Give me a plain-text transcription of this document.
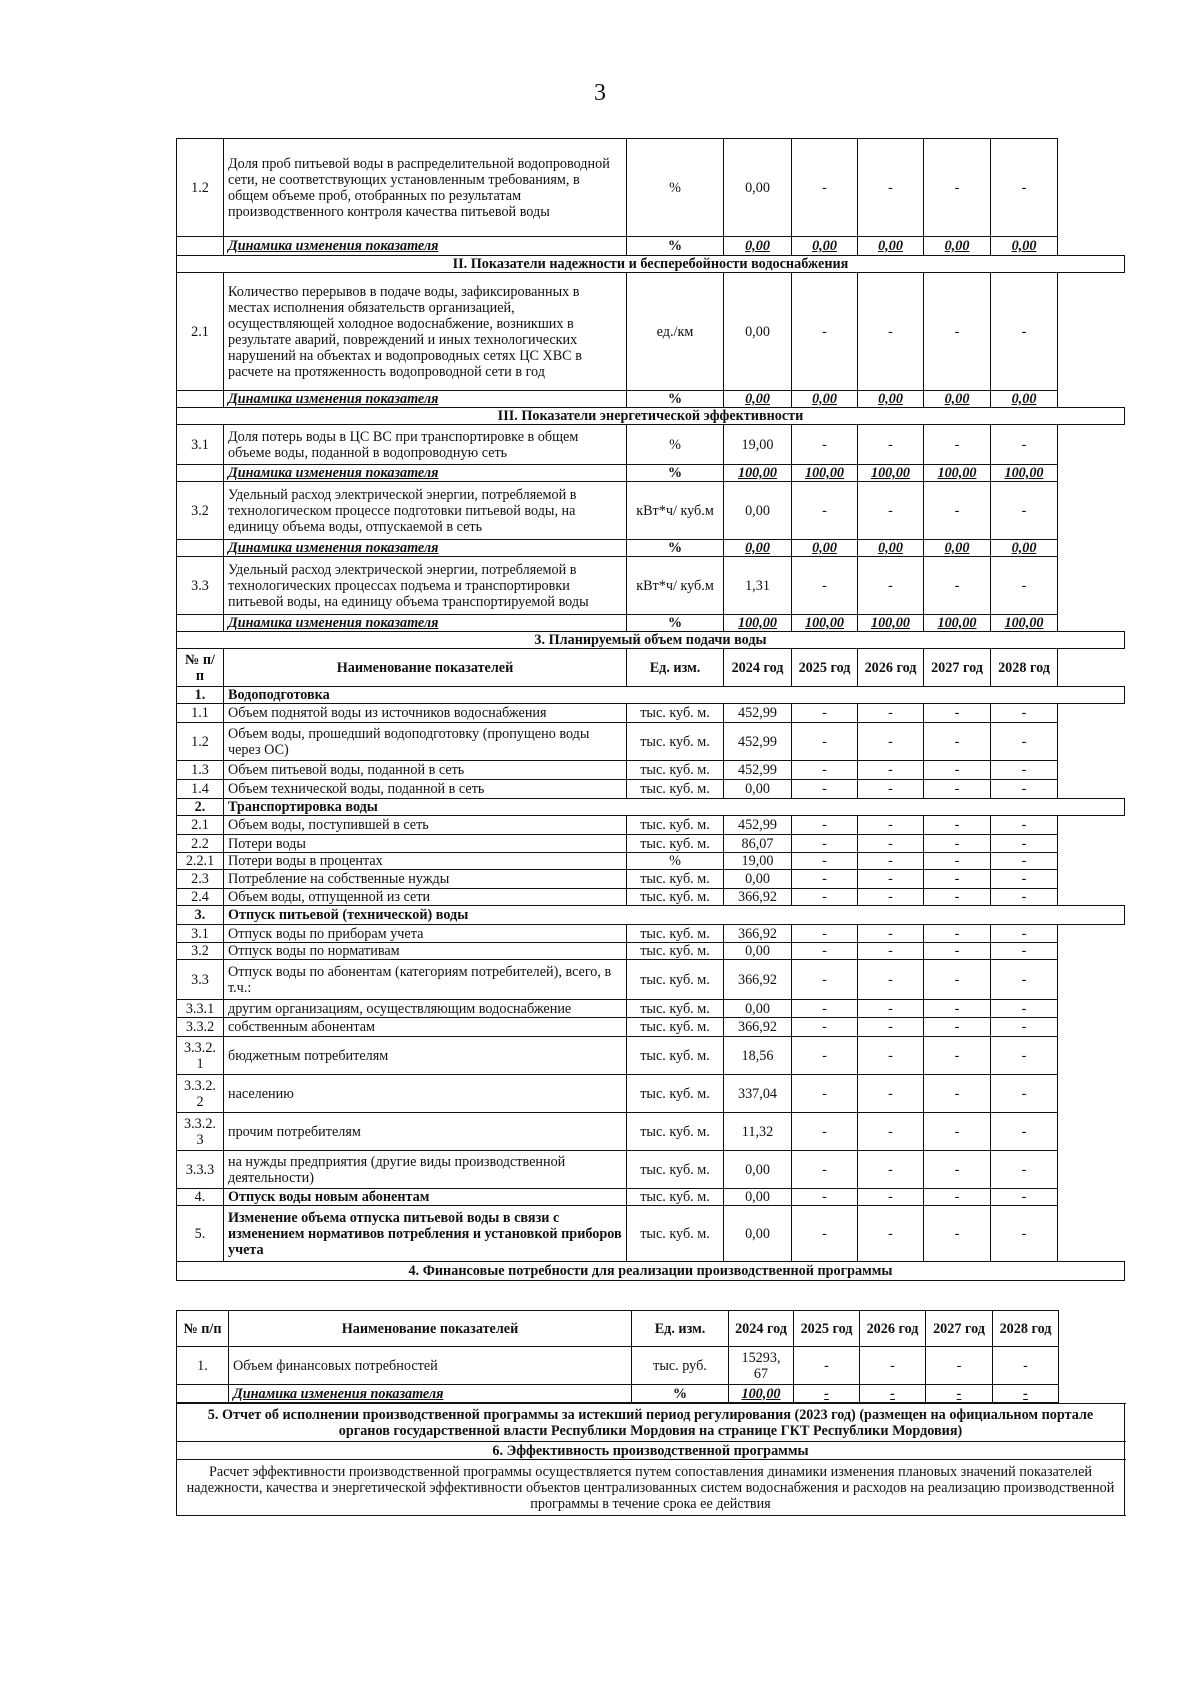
3
1.2	Доля проб питьевой воды в распределительной водопроводной сети, не соответствующих установленным требованиям, в общем объеме проб, отобранных по результатам производственного контроля качества питьевой воды	%	0,00	-	-	-	-
	Динамика изменения показателя	%	0,00	0,00	0,00	0,00	0,00
II. Показатели надежности и бесперебойности водоснабжения							
2.1	Количество перерывов в подаче воды, зафиксированных в местах исполнения обязательств организацией, осуществляющей холодное водоснабжение, возникших в результате аварий, повреждений и иных технологических нарушений на объектах и водопроводных сетях ЦС ХВС в расчете на протяженность водопроводной сети в год	ед./км	0,00	-	-	-	-
	Динамика изменения показателя	%	0,00	0,00	0,00	0,00	0,00
III. Показатели энергетической эффективности							
3.1	Доля потерь воды в ЦС ВС при транспортировке в общем объеме воды, поданной в водопроводную сеть	%	19,00	-	-	-	-
	Динамика изменения показателя	%	100,00	100,00	100,00	100,00	100,00
3.2	Удельный расход электрической энергии, потребляемой в технологическом процессе подготовки питьевой воды, на единицу объема воды, отпускаемой в сеть	кВт*ч/ куб.м	0,00	-	-	-	-
	Динамика изменения показателя	%	0,00	0,00	0,00	0,00	0,00
3.3	Удельный расход электрической энергии, потребляемой в технологических процессах подъема и транспортировки питьевой воды, на единицу объема транспортируемой воды	кВт*ч/ куб.м	1,31	-	-	-	-
	Динамика изменения показателя	%	100,00	100,00	100,00	100,00	100,00
3. Планируемый объем подачи воды							
№ п/п	Наименование показателей	Ед. изм.	2024 год	2025 год	2026 год	2027 год	2028 год
1.	Водоподготовка						
1.1	Объем поднятой воды из источников водоснабжения	тыс. куб. м.	452,99	-	-	-	-
1.2	Объем воды, прошедший водоподготовку (пропущено воды через ОС)	тыс. куб. м.	452,99	-	-	-	-
1.3	Объем питьевой воды, поданной в сеть	тыс. куб. м.	452,99	-	-	-	-
1.4	Объем технической воды, поданной в сеть	тыс. куб. м.	0,00	-	-	-	-
2.	Транспортировка воды						
2.1	Объем воды, поступившей в сеть	тыс. куб. м.	452,99	-	-	-	-
2.2	Потери воды	тыс. куб. м.	86,07	-	-	-	-
2.2.1	Потери воды в процентах	%	19,00	-	-	-	-
2.3	Потребление на собственные нужды	тыс. куб. м.	0,00	-	-	-	-
2.4	Объем воды, отпущенной из сети	тыс. куб. м.	366,92	-	-	-	-
3.	Отпуск питьевой (технической) воды						
3.1	Отпуск воды по приборам учета	тыс. куб. м.	366,92	-	-	-	-
3.2	Отпуск воды по нормативам	тыс. куб. м.	0,00	-	-	-	-
3.3	Отпуск воды по абонентам (категориям потребителей), всего, в т.ч.:	тыс. куб. м.	366,92	-	-	-	-
3.3.1	другим организациям, осуществляющим водоснабжение	тыс. куб. м.	0,00	-	-	-	-
3.3.2	собственным абонентам	тыс. куб. м.	366,92	-	-	-	-
3.3.2. 1	бюджетным потребителям	тыс. куб. м.	18,56	-	-	-	-
3.3.2. 2	населению	тыс. куб. м.	337,04	-	-	-	-
3.3.2. 3	прочим потребителям	тыс. куб. м.	11,32	-	-	-	-
3.3.3	на нужды предприятия (другие виды производственной деятельности)	тыс. куб. м.	0,00	-	-	-	-
4.	Отпуск воды новым абонентам	тыс. куб. м.	0,00	-	-	-	-
5.	Изменение объема отпуска питьевой воды в связи с изменением нормативов потребления и установкой приборов учета	тыс. куб. м.	0,00	-	-	-	-
4. Финансовые потребности для реализации производственной программы							
№ п/п	Наименование показателей	Ед. изм.	2024 год	2025 год	2026 год	2027 год	2028 год
1.	Объем финансовых потребностей	тыс. руб.	15293, 67	-	-	-	-
	Динамика изменения показателя	%	100,00	-	-	-	-
5. Отчет об исполнении производственной программы за истекший период регулирования (2023 год) (размещен на официальном портале органов государственной власти Республики Мордовия на странице ГКТ Республики Мордовия)
6. Эффективность производственной программы
Расчет эффективности производственной программы осуществляется путем сопоставления динамики изменения плановых значений показателей надежности, качества и энергетической эффективности объектов централизованных систем водоснабжения и расходов на реализацию производственной программы в течение срока ее действия
